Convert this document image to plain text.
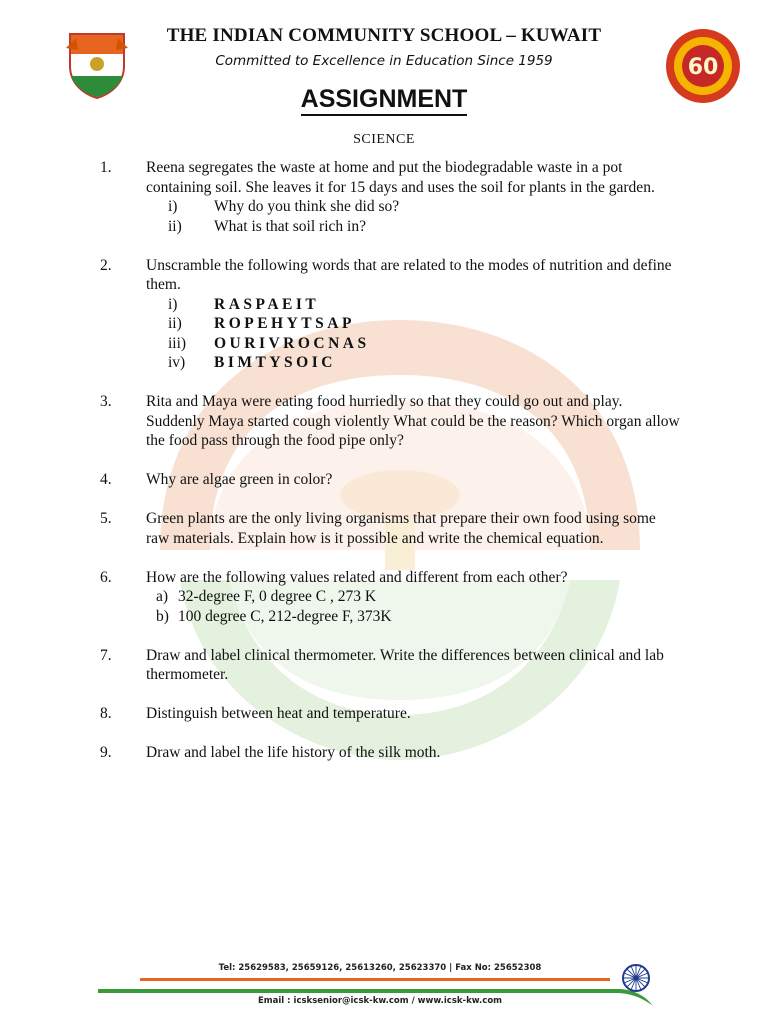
60
THE INDIAN COMMUNITY SCHOOL – KUWAIT
Committed to Excellence in Education Since 1959
ASSIGNMENT
SCIENCE
1. Reena segregates the waste at home and put the biodegradable waste in a pot containing soil. She leaves it for 15 days and uses the soil for plants in the garden.
i) Why do you think she did so?
ii) What is that soil rich in?
2. Unscramble the following words that are related to the modes of nutrition and define them.
i) RASPAEIT
ii) ROPEHYTSAP
iii) OURIVROCNAS
iv) BIMTYSOIC
3. Rita and Maya were eating food hurriedly so that they could go out and play. Suddenly Maya started cough violently What could be the reason? Which organ allow the food pass through the food pipe only?
4. Why are algae green in color?
5. Green plants are the only living organisms that prepare their own food using some raw materials. Explain how is it possible and write the chemical equation.
6. How are the following values related and different from each other?
a) 32-degree F, 0 degree C , 273 K
b) 100 degree C, 212-degree F, 373K
7. Draw and label clinical thermometer. Write the differences between clinical and lab thermometer.
8. Distinguish between heat and temperature.
9. Draw and label the life history of the silk moth.
Tel: 25629583, 25659126, 25613260, 25623370 | Fax No: 25652308
Email : icsksenior@icsk-kw.com / www.icsk-kw.com
